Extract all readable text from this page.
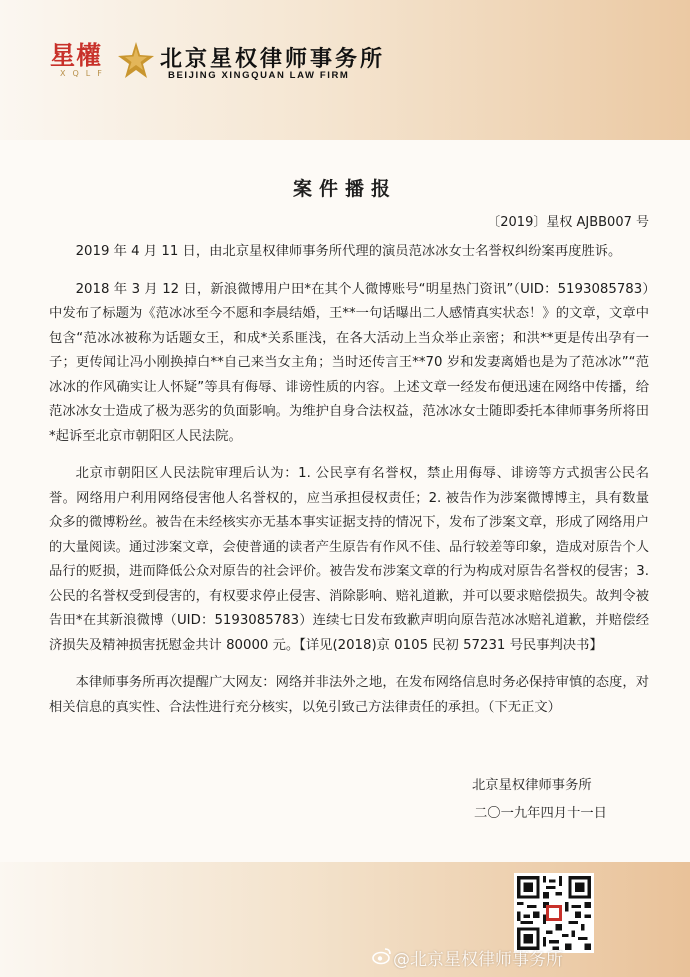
星權
XQLF
北京星权律师事务所
BEIJING XINGQUAN LAW FIRM
案件播报
〔2019〕星权 AJBB007 号

2019 年 4 月 11 日，由北京星权律师事务所代理的演员范冰冰女士名誉权纠纷案再度胜诉。

2018 年 3 月 12 日，新浪微博用户田*在其个人微博账号“明星热门资讯”（UID：5193085783）中发布了标题为《范冰冰至今不愿和李晨结婚，王**一句话曝出二人感情真实状态！》的文章，文章中包含“范冰冰被称为话题女王，和成*关系匪浅，在各大活动上当众举止亲密；和洪**更是传出孕有一子；更传闻让冯小刚换掉白**自己来当女主角；当时还传言王**70 岁和发妻离婚也是为了范冰冰”“范冰冰的作风确实让人怀疑”等具有侮辱、诽谤性质的内容。上述文章一经发布便迅速在网络中传播，给范冰冰女士造成了极为恶劣的负面影响。为维护自身合法权益，范冰冰女士随即委托本律师事务所将田*起诉至北京市朝阳区人民法院。

北京市朝阳区人民法院审理后认为：1. 公民享有名誉权，禁止用侮辱、诽谤等方式损害公民名誉。网络用户利用网络侵害他人名誉权的，应当承担侵权责任；2. 被告作为涉案微博博主，具有数量众多的微博粉丝。被告在未经核实亦无基本事实证据支持的情况下，发布了涉案文章，形成了网络用户的大量阅读。通过涉案文章，会使普通的读者产生原告有作风不佳、品行较差等印象，造成对原告个人品行的贬损，进而降低公众对原告的社会评价。被告发布涉案文章的行为构成对原告名誉权的侵害；3. 公民的名誉权受到侵害的，有权要求停止侵害、消除影响、赔礼道歉，并可以要求赔偿损失。故判令被告田*在其新浪微博（UID：5193085783）连续七日发布致歉声明向原告范冰冰赔礼道歉，并赔偿经济损失及精神损害抚慰金共计 80000 元。【详见(2018)京 0105 民初 57231 号民事判决书】

本律师事务所再次提醒广大网友：网络并非法外之地，在发布网络信息时务必保持审慎的态度，对相关信息的真实性、合法性进行充分核实，以免引致己方法律责任的承担。（下无正文）

北京星权律师事务所
二〇一九年四月十一日
@北京星权律师事务所
